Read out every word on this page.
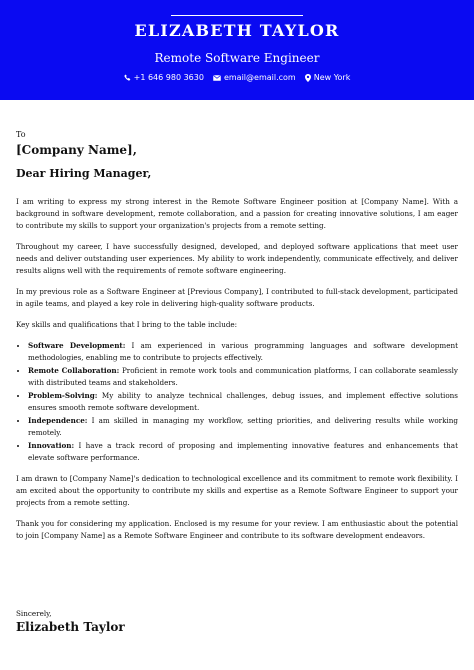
ELIZABETH TAYLOR
Remote Software Engineer
+1 646 980 3630	email@email.com New York
To
[Company Name],
Dear Hiring Manager,

I am writing to express my strong interest in the Remote Software Engineer position at [Company Name]. With a background in software development, remote collaboration, and a passion for creating innovative solutions, I am eager to contribute my skills to support your organization's projects from a remote setting.

Throughout my career, I have successfully designed, developed, and deployed software applications that meet user needs and deliver outstanding user experiences. My ability to work independently, communicate effectively, and deliver results aligns well with the requirements of remote software engineering.

In my previous role as a Software Engineer at [Previous Company], I contributed to full-stack development, participated in agile teams, and played a key role in delivering high-quality software products.

Key skills and qualifications that I bring to the table include:

• Software Development: I am experienced in various programming languages and software development methodologies, enabling me to contribute to projects effectively.
• Remote Collaboration: Proficient in remote work tools and communication platforms, I can collaborate seamlessly with distributed teams and stakeholders.
• Problem-Solving: My ability to analyze technical challenges, debug issues, and implement effective solutions ensures smooth remote software development.
• Independence: I am skilled in managing my workflow, setting priorities, and delivering results while working remotely.
• Innovation: I have a track record of proposing and implementing innovative features and enhancements that elevate software performance.

I am drawn to [Company Name]'s dedication to technological excellence and its commitment to remote work flexibility. I am excited about the opportunity to contribute my skills and expertise as a Remote Software Engineer to support your projects from a remote setting.

Thank you for considering my application. Enclosed is my resume for your review. I am enthusiastic about the potential to join [Company Name] as a Remote Software Engineer and contribute to its software development endeavors.

Sincerely,
Elizabeth Taylor
